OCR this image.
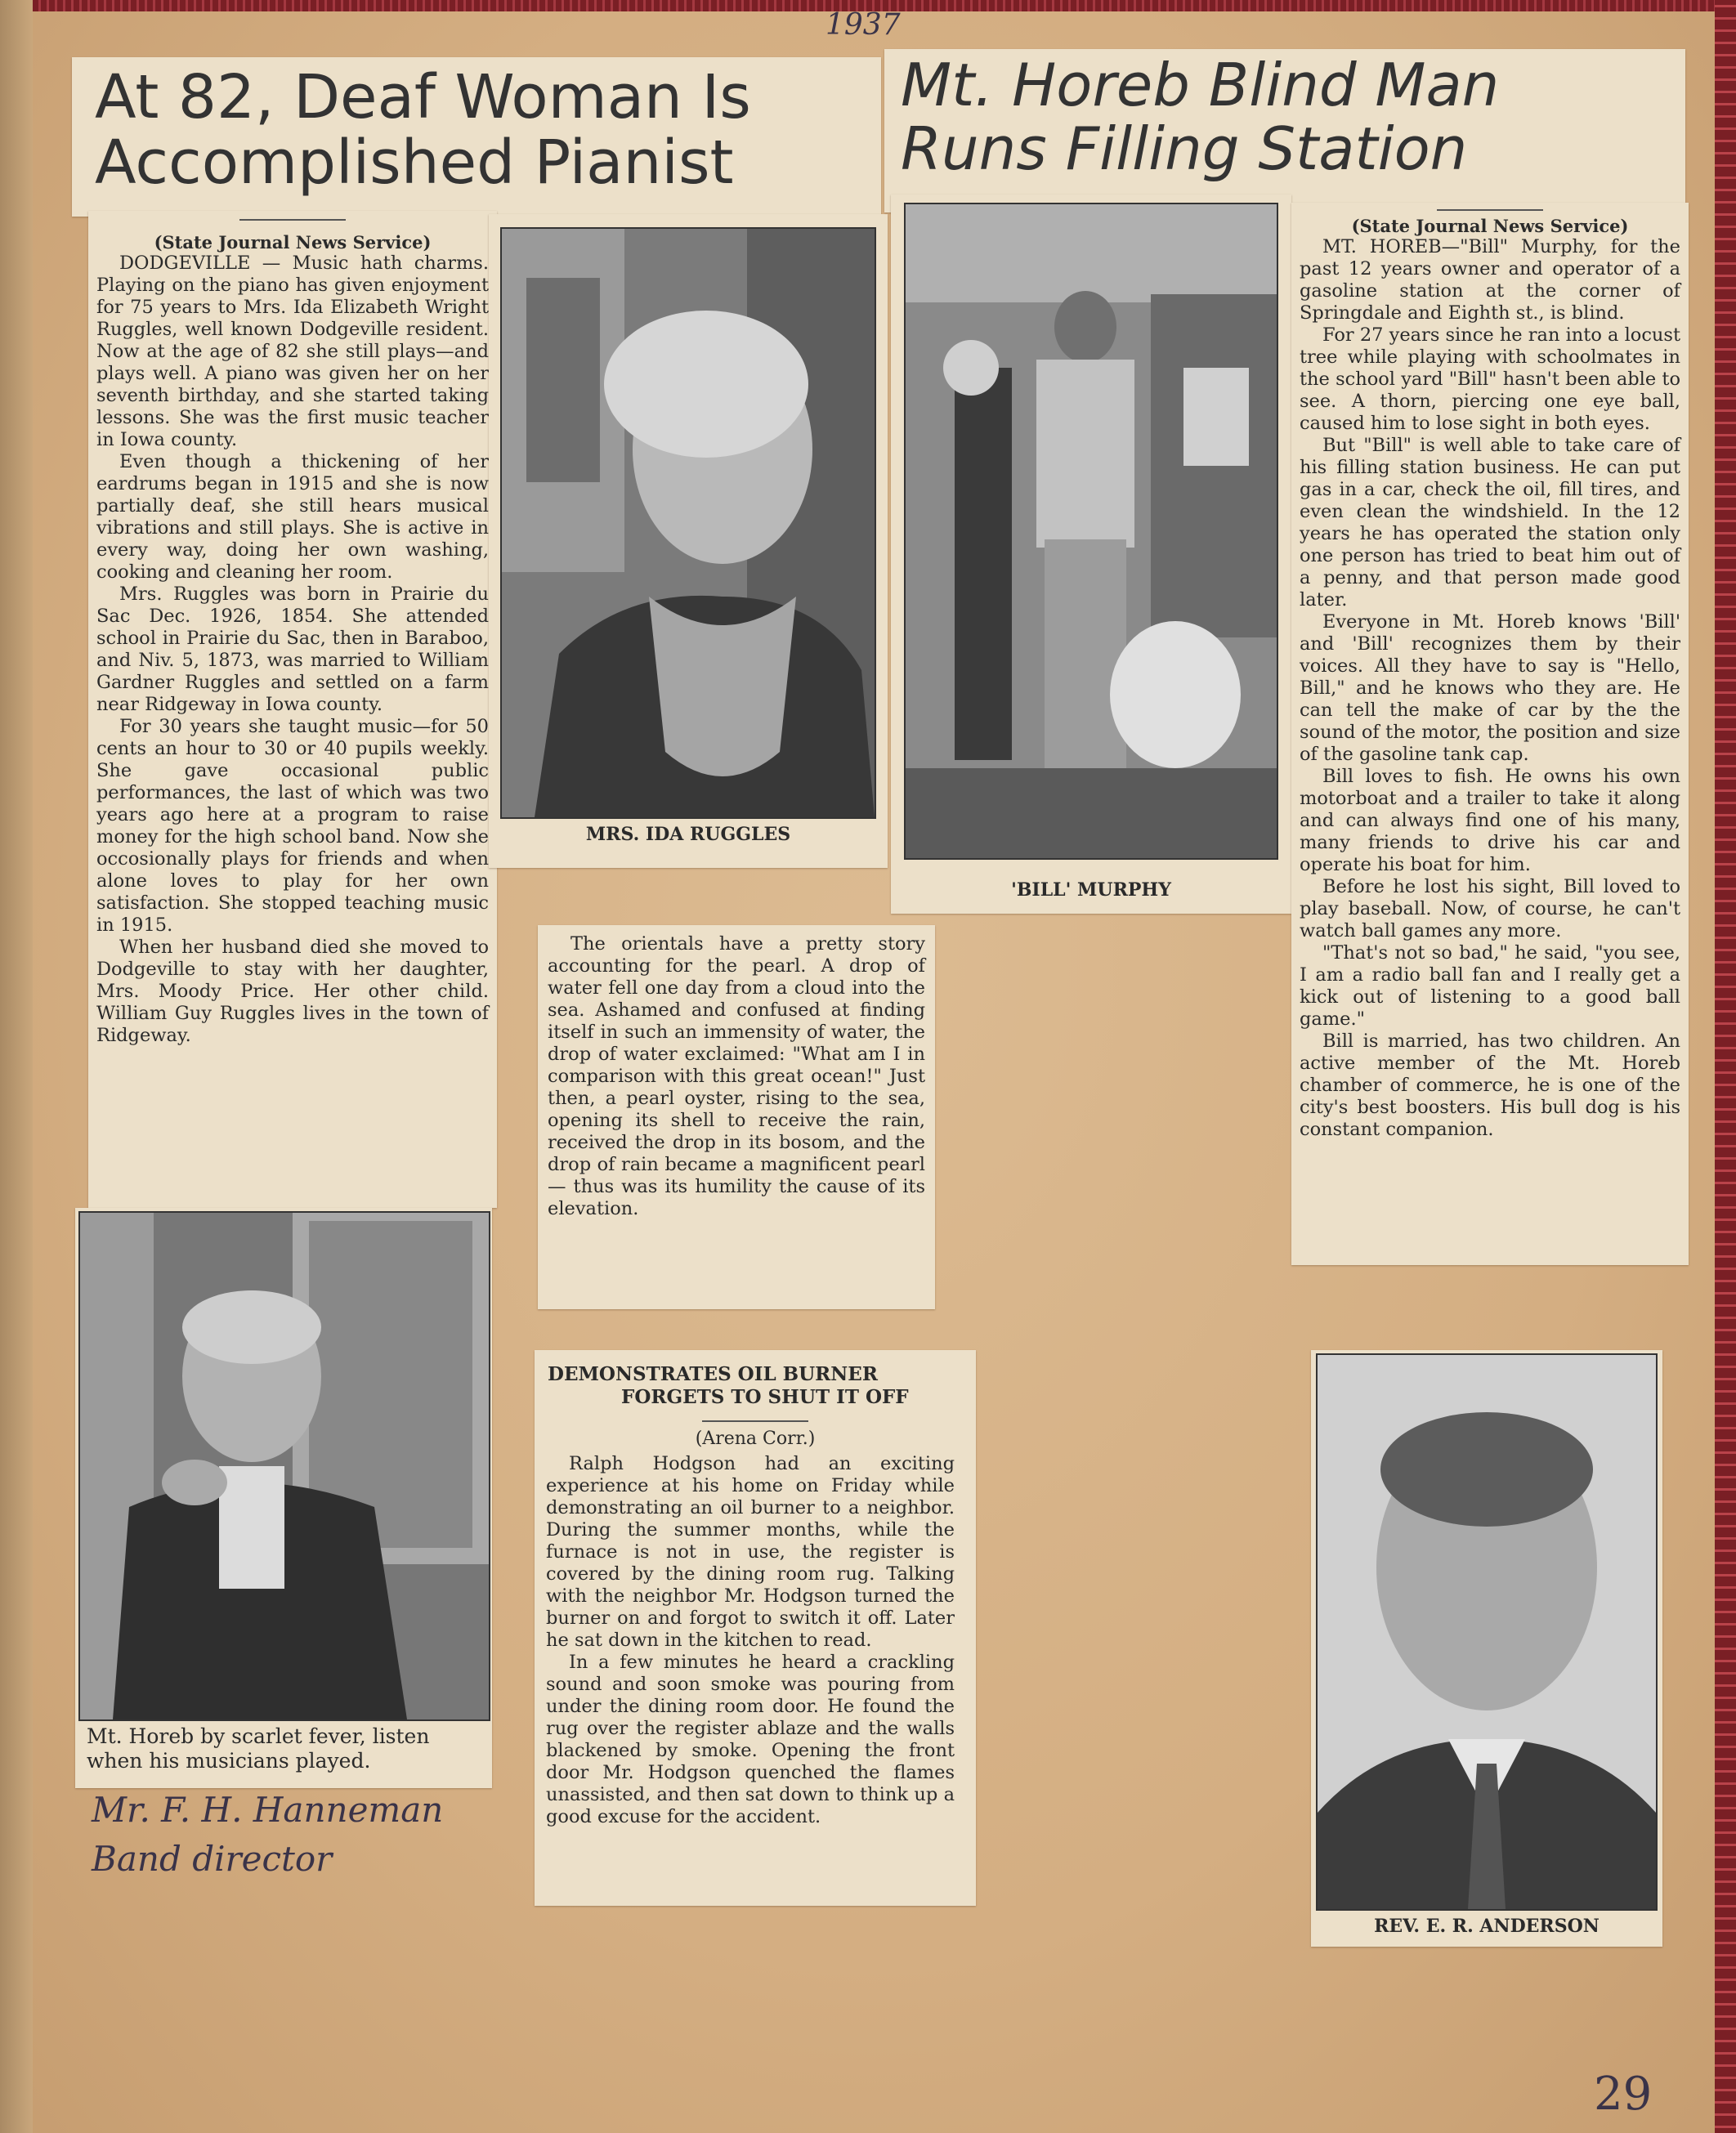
1937
At 82, Deaf Woman Is Accomplished Pianist

(State Journal News Service)

DODGEVILLE — Music hath charms. Playing on the piano has given enjoyment for 75 years to Mrs. Ida Elizabeth Wright Ruggles, well known Dodgeville resident. Now at the age of 82 she still plays—and plays well. A piano was given her on her seventh birthday, and she started taking lessons. She was the first music teacher in Iowa county.

Even though a thickening of her eardrums began in 1915 and she is now partially deaf, she still hears musical vibrations and still plays. She is active in every way, doing her own washing, cooking and cleaning her room.

Mrs. Ruggles was born in Prairie du Sac Dec. 1926, 1854. She attended school in Prairie du Sac, then in Baraboo, and Niv. 5, 1873, was married to William Gardner Ruggles and settled on a farm near Ridgeway in Iowa county.

For 30 years she taught music—for 50 cents an hour to 30 or 40 pupils weekly. She gave occasional public performances, the last of which was two years ago here at a program to raise money for the high school band. Now she occosionally plays for friends and when alone loves to play for her own satisfaction. She stopped teaching music in 1915.

When her husband died she moved to Dodgeville to stay with her daughter, Mrs. Moody Price. Her other child. William Guy Ruggles lives in the town of Ridgeway.

MRS. IDA RUGGLES
Mt. Horeb Blind Man Runs Filling Station
'BILL' MURPHY

(State Journal News Service)

MT. HOREB—"Bill" Murphy, for the past 12 years owner and operator of a gasoline station at the corner of Springdale and Eighth st., is blind.

For 27 years since he ran into a locust tree while playing with schoolmates in the school yard "Bill" hasn't been able to see. A thorn, piercing one eye ball, caused him to lose sight in both eyes.

But "Bill" is well able to take care of his filling station business. He can put gas in a car, check the oil, fill tires, and even clean the windshield. In the 12 years he has operated the station only one person has tried to beat him out of a penny, and that person made good later.

Everyone in Mt. Horeb knows 'Bill' and 'Bill' recognizes them by their voices. All they have to say is "Hello, Bill," and he knows who they are. He can tell the make of car by the the sound of the motor, the position and size of the gasoline tank cap.

Bill loves to fish. He owns his own motorboat and a trailer to take it along and can always find one of his many, many friends to drive his car and operate his boat for him.

Before he lost his sight, Bill loved to play baseball. Now, of course, he can't watch ball games any more.

"That's not so bad," he said, "you see, I am a radio ball fan and I really get a kick out of listening to a good ball game."

Bill is married, has two children. An active member of the Mt. Horeb chamber of commerce, he is one of the city's best boosters. His bull dog is his constant companion.

The orientals have a pretty story accounting for the pearl. A drop of water fell one day from a cloud into the sea. Ashamed and confused at finding itself in such an immensity of water, the drop of water exclaimed: "What am I in comparison with this great ocean!" Just then, a pearl oyster, rising to the sea, opening its shell to receive the rain, received the drop in its bosom, and the drop of rain became a magnificent pearl — thus was its humility the cause of its elevation.

Mt. Horeb by scarlet fever, listen when his musicians played.
Mr. F. H. Hanneman
Band director
DEMONSTRATES OIL BURNER
FORGETS TO SHUT IT OFF
(Arena Corr.)

Ralph Hodgson had an exciting experience at his home on Friday while demonstrating an oil burner to a neighbor. During the summer months, while the furnace is not in use, the register is covered by the dining room rug. Talking with the neighbor Mr. Hodgson turned the burner on and forgot to switch it off. Later he sat down in the kitchen to read.

In a few minutes he heard a crackling sound and soon smoke was pouring from under the dining room door. He found the rug over the register ablaze and the walls blackened by smoke. Opening the front door Mr. Hodgson quenched the flames unassisted, and then sat down to think up a good excuse for the accident.

REV. E. R. ANDERSON
29
